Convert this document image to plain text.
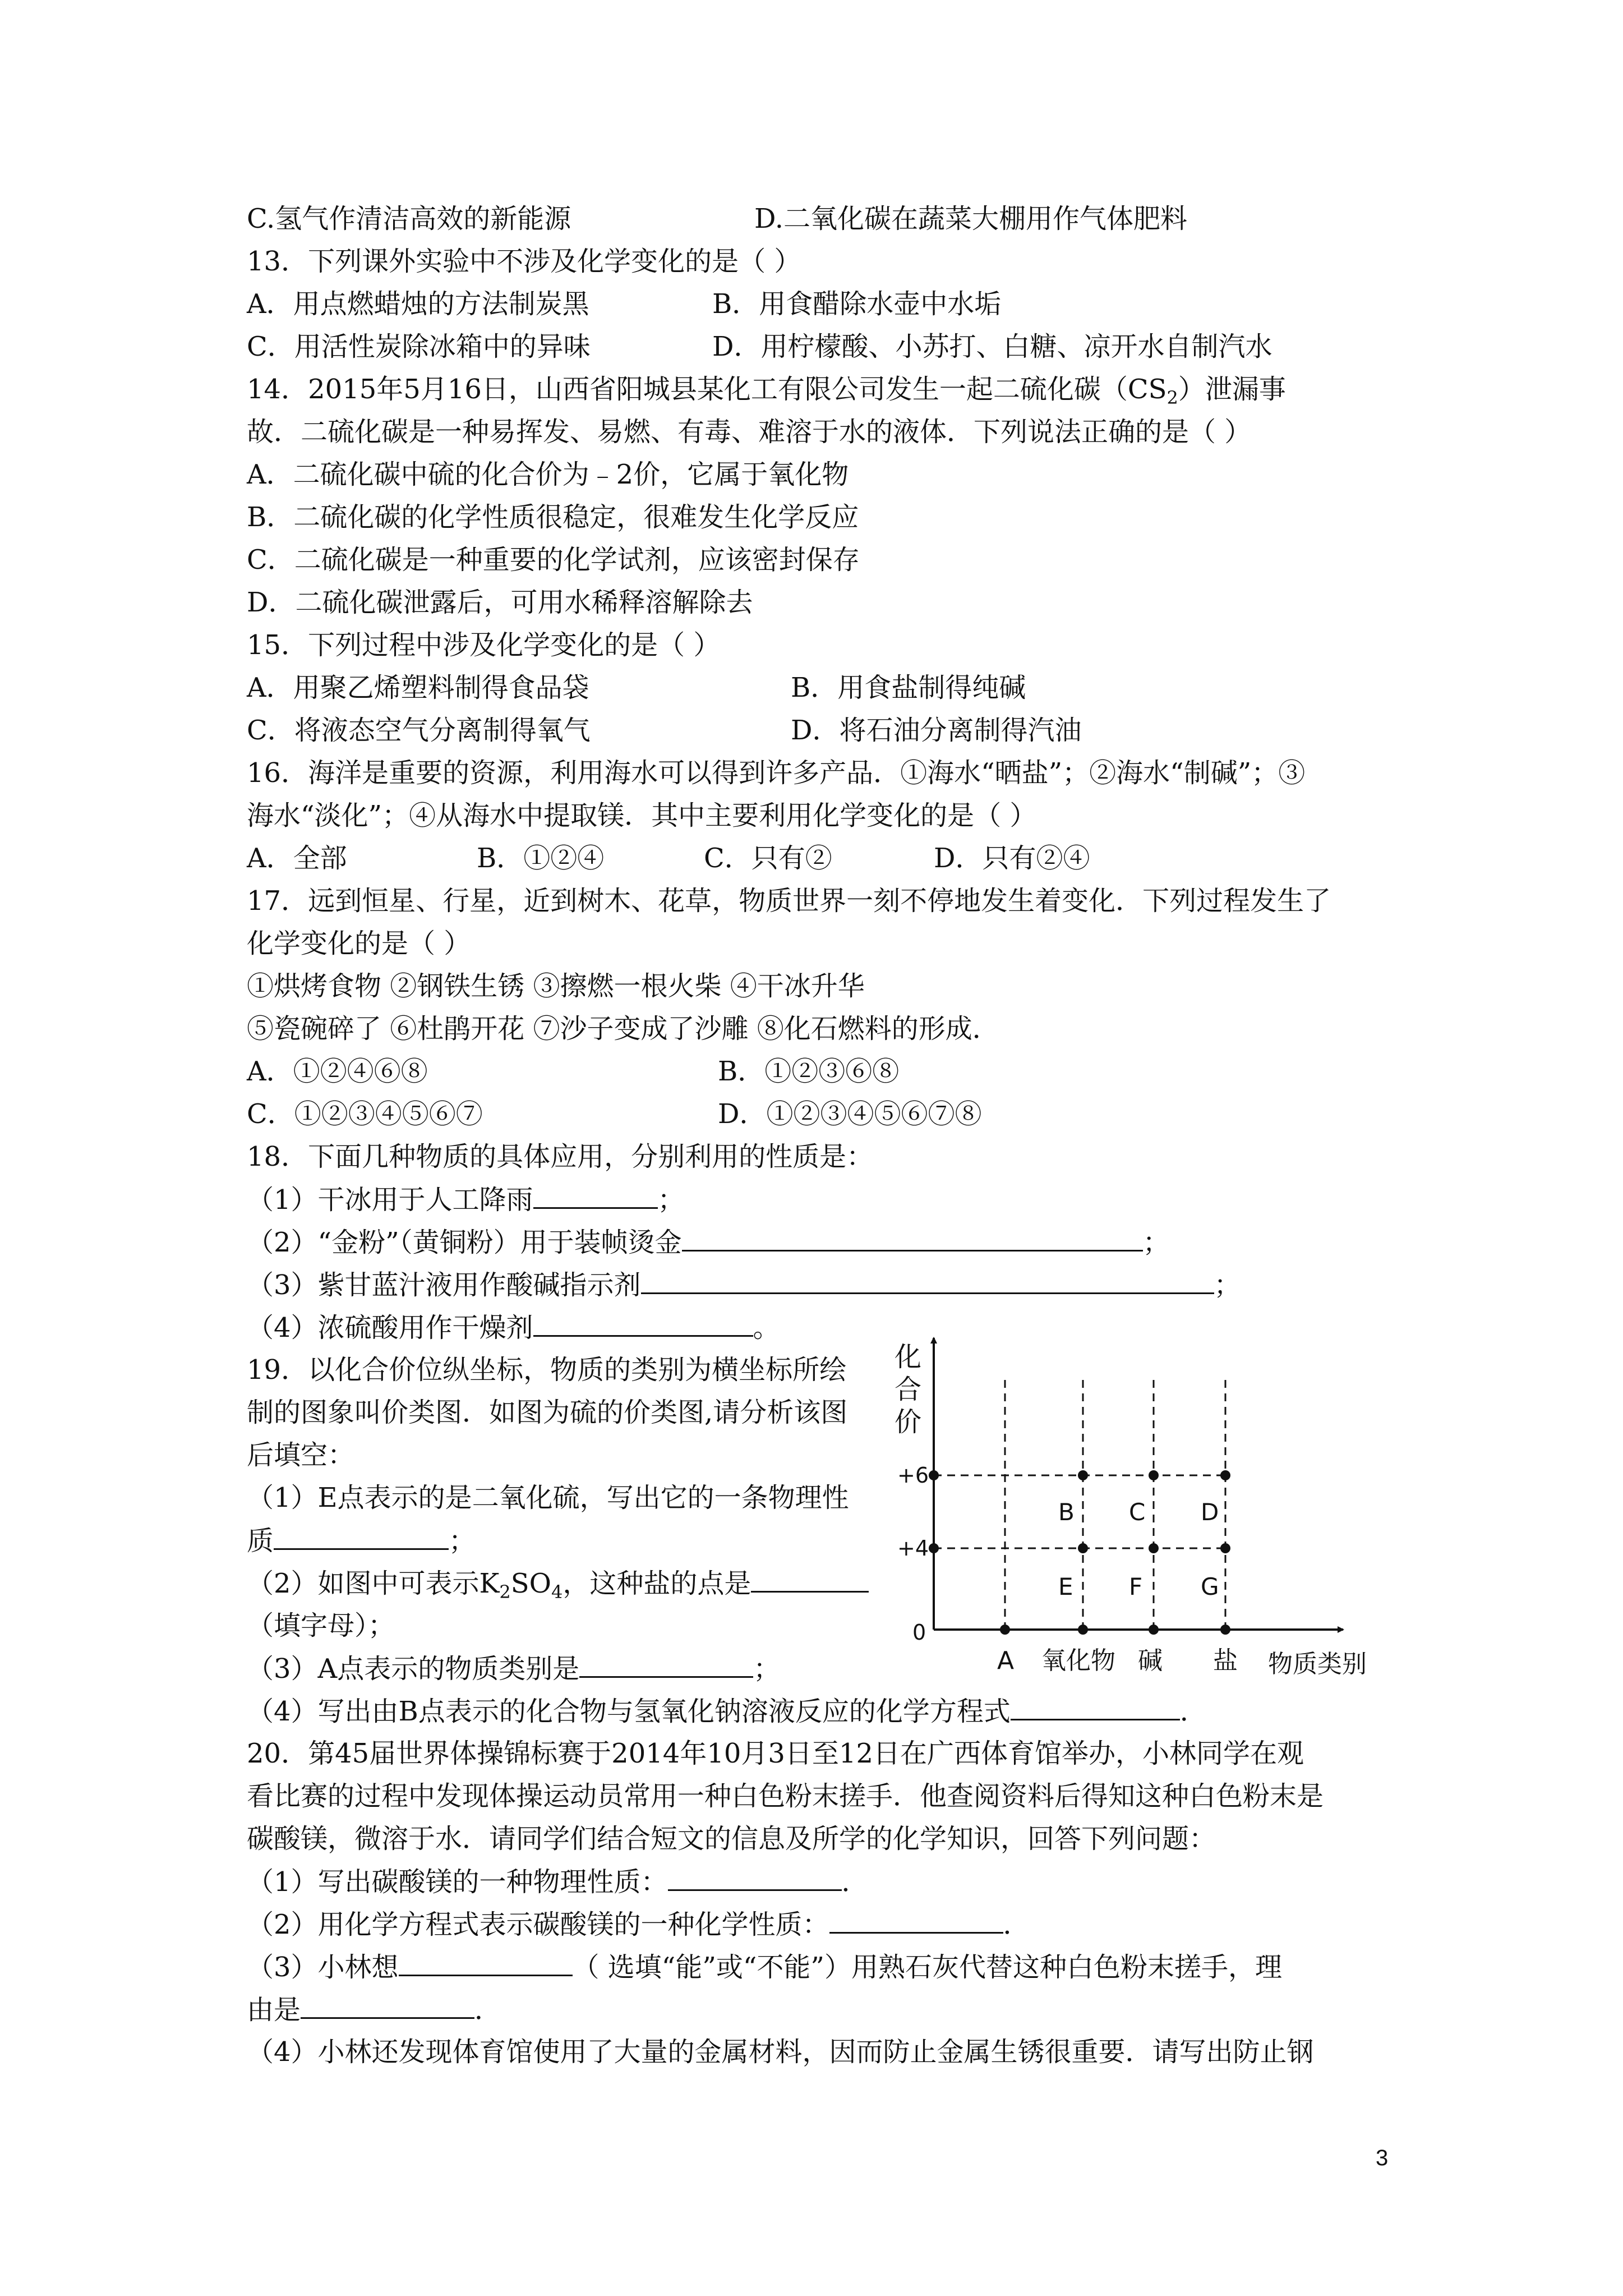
C.氢气作清洁高效的新能源	D.二氧化碳在蔬菜大棚用作气体肥料
13．下列课外实验中不涉及化学变化的是（ ）
A．用点燃蜡烛的方法制炭黑	B．用食醋除水壶中水垢
C．用活性炭除冰箱中的异味	D．用柠檬酸、小苏打、白糖、凉开水自制汽水
14．2015年5月16日，山西省阳城县某化工有限公司发生一起二硫化碳$(CS_2)$泄漏事
故．二硫化碳是一种易挥发、易燃、有毒、难溶于水的液体．下列说法正确的是（ ）
A．二硫化碳中硫的化合价为﹣2价，它属于氧化物
B．二硫化碳的化学性质很稳定，很难发生化学反应
C．二硫化碳是一种重要的化学试剂，应该密封保存
D．二硫化碳泄露后，可用水稀释溶解除去
15．下列过程中涉及化学变化的是（ ）
A．用聚乙烯塑料制得食品袋	B．用食盐制得纯碱
C．将液态空气分离制得氧气	D．将石油分离制得汽油
16．海洋是重要的资源，利用海水可以得到许多产品．①海水“晒盐”；②海水“制碱”；③
海水“淡化”；④从海水中提取镁．其中主要利用化学变化的是（ ）
A．全部	B．①②④	C．只有②	D．只有②④
17．远到恒星、行星，近到树木、花草，物质世界一刻不停地发生着变化．下列过程发生了
化学变化的是（ ）
①烘烤食物 ②钢铁生锈 ③擦燃一根火柴 ④干冰升华
⑤瓷碗碎了 ⑥杜鹃开花 ⑦沙子变成了沙雕 ⑧化石燃料的形成．
A．①②④⑥⑧	B．①②③⑥⑧
C．①②③④⑤⑥⑦	D．①②③④⑤⑥⑦⑧
18．下面几种物质的具体应用，分别利用的性质是：
（1）干冰用于人工降雨	；
（2）“金粉”（黄铜粉）用于装帧烫金	；
（3）紫甘蓝汁液用作酸碱指示剂	；
（4）浓硫酸用作干燥剂	。
19．以化合价位纵坐标，物质的类别为横坐标所绘
制的图象叫价类图．如图为硫的价类图,请分析该图
后填空：
（1）E点表示的是二氧化硫，写出它的一条物理性
质	；
（2）如图中可表示$K_2SO_4$，这种盐的点是
（填字母）；
（3）A点表示的物质类别是	；
（4）写出由B点表示的化合物与氢氧化钠溶液反应的化学方程式	．
20．第45届世界体操锦标赛于2014年10月3日至12日在广西体育馆举办，小林同学在观
看比赛的过程中发现体操运动员常用一种白色粉末搓手．他查阅资料后得知这种白色粉末是
碳酸镁，微溶于水．请同学们结合短文的信息及所学的化学知识，回答下列问题：
（1）写出碳酸镁的一种物理性质：	．
（2）用化学方程式表示碳酸镁的一种化学性质：	．
（3）小林想	（ 选填“能”或“不能”）用熟石灰代替这种白色粉末搓手，理
由是	．
（4）小林还发现体育馆使用了大量的金属材料，因而防止金属生锈很重要．请写出防止钢
化
合
价
+6
+4
0
B C D
E F G
A 氧化物 碱 盐 物质类别
3
